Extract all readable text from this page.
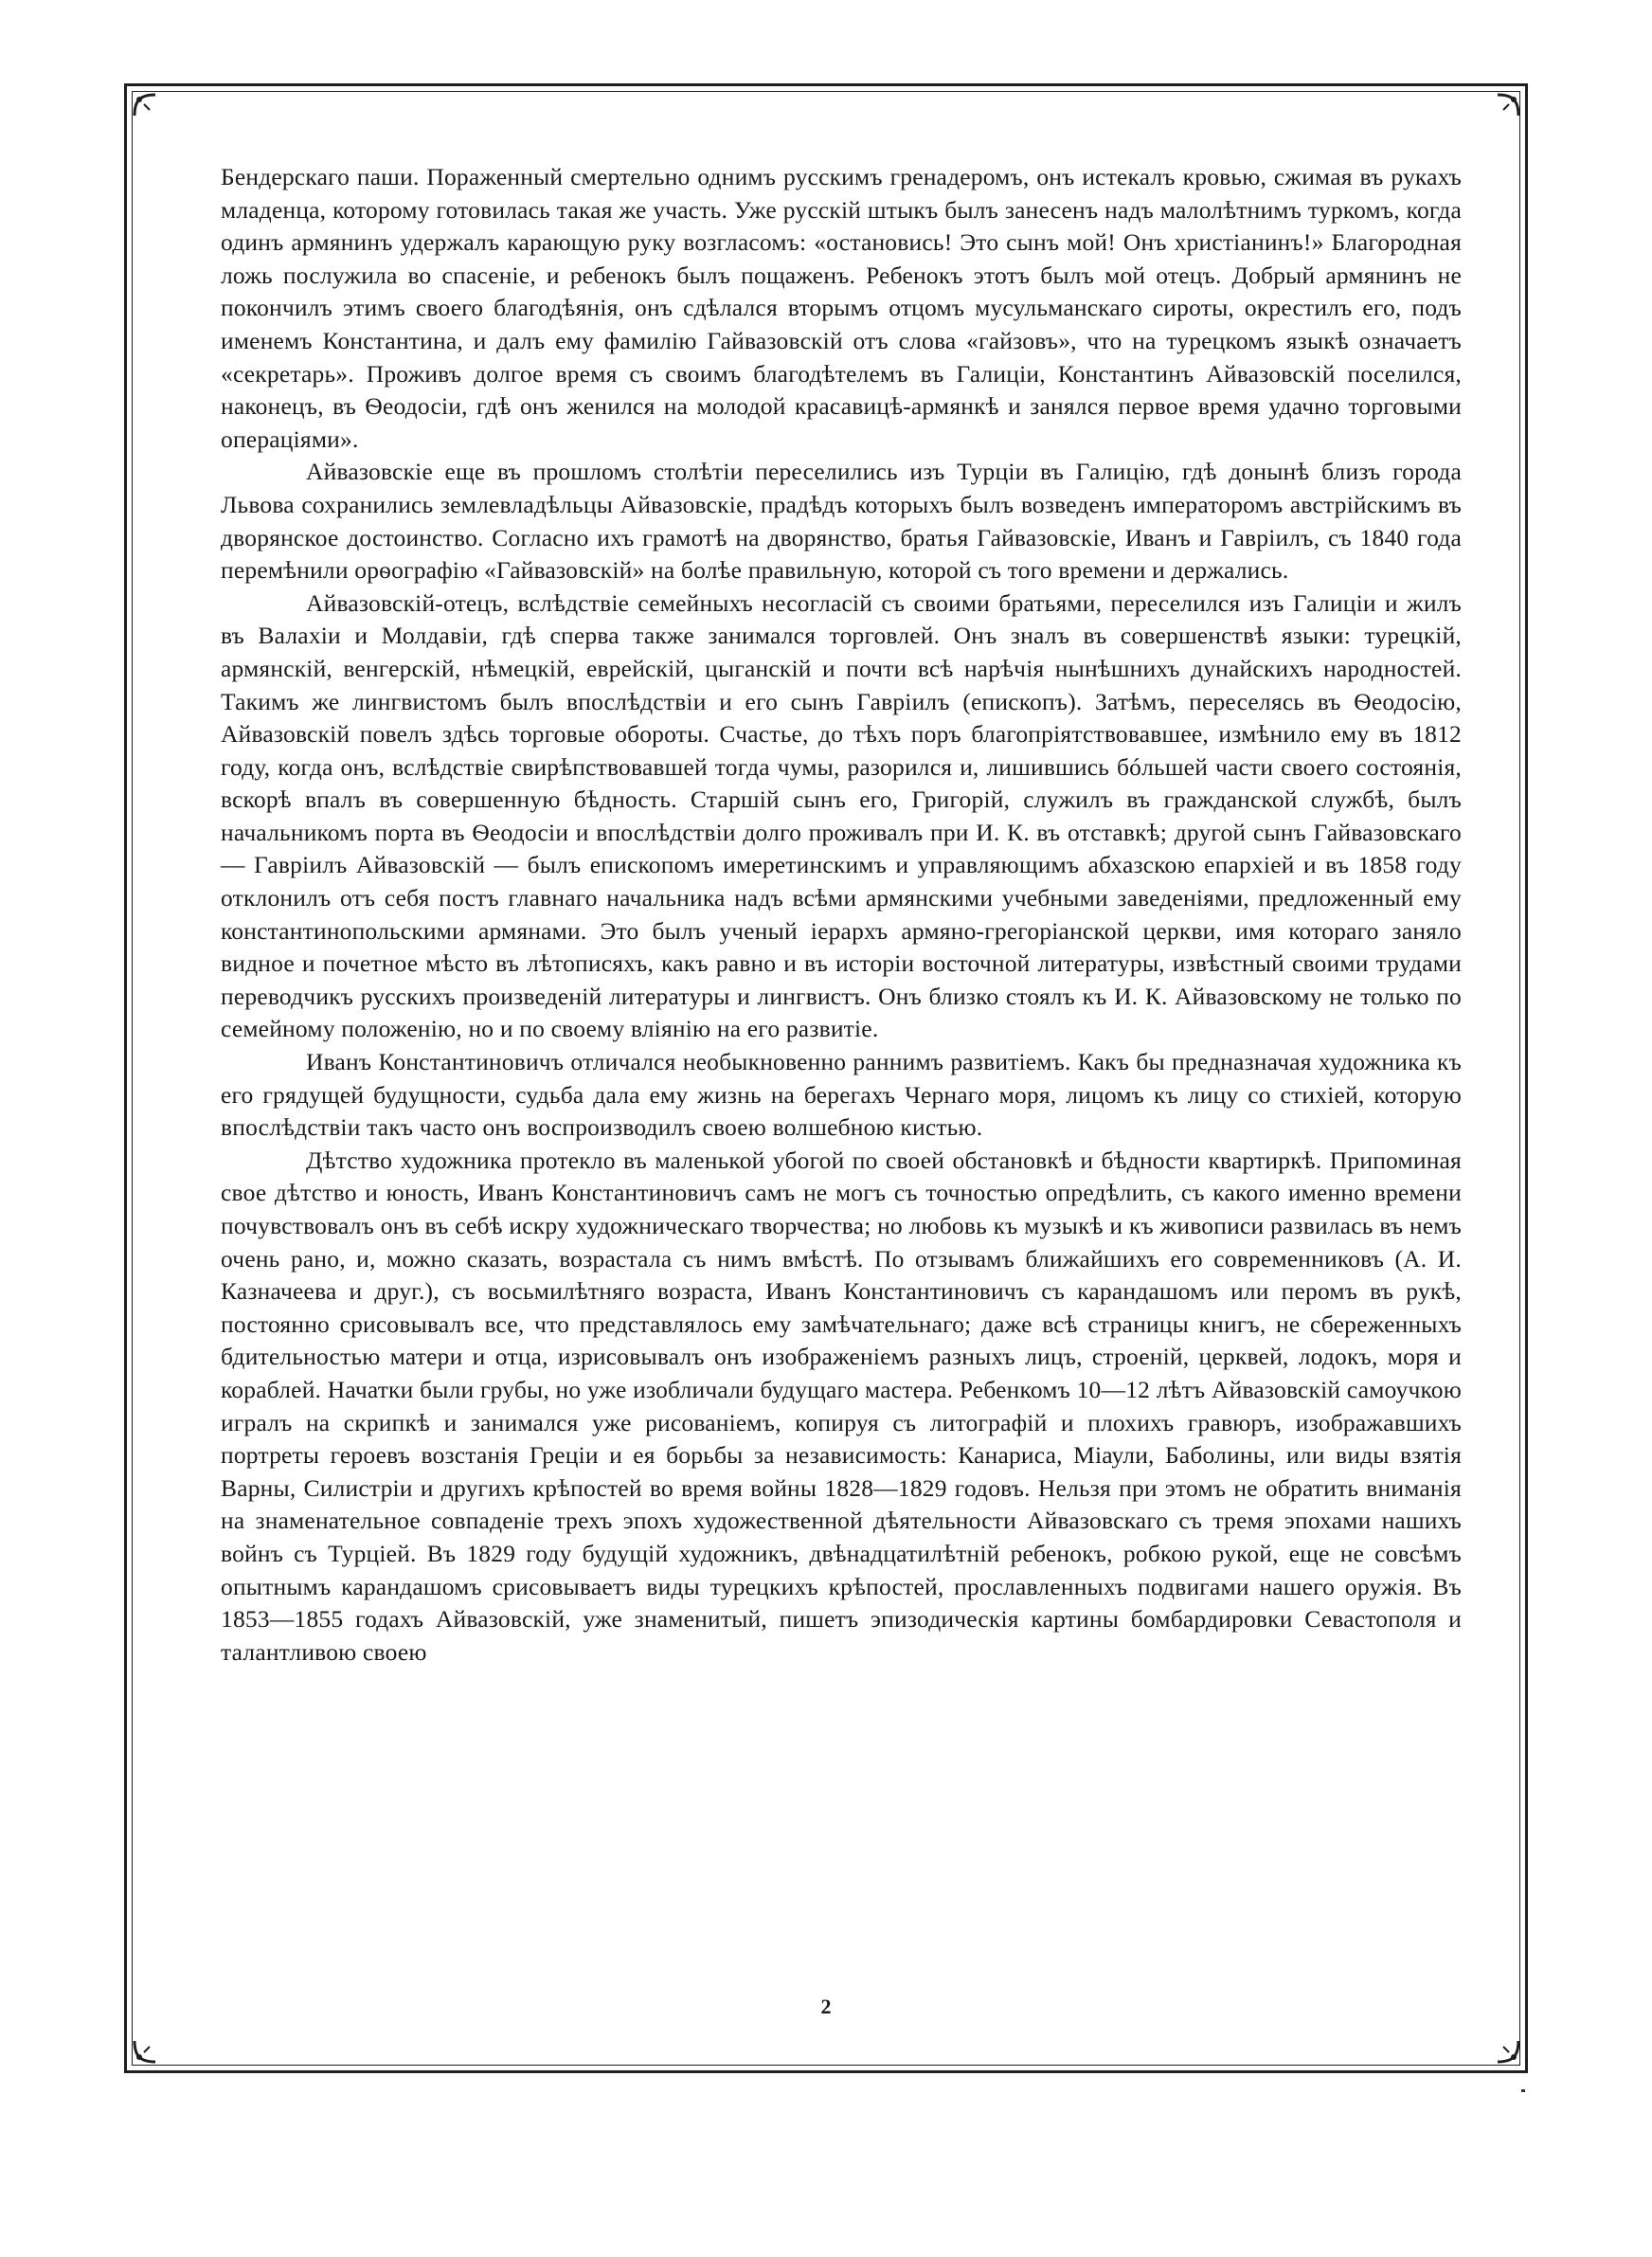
Бендерскаго паши. Пораженный смертельно однимъ русскимъ гренадеромъ, онъ истекалъ кровью, сжимая въ рукахъ младенца, которому готовилась такая же участь. Уже русскій штыкъ былъ занесенъ надъ малолѣтнимъ туркомъ, когда одинъ армянинъ удержалъ карающую руку возгласомъ: «остановись! Это сынъ мой! Онъ христіанинъ!» Благородная ложь послужила во спасеніе, и ребенокъ былъ пощаженъ. Ребенокъ этотъ былъ мой отецъ. Добрый армянинъ не покончилъ этимъ своего благодѣянія, онъ сдѣлался вторымъ отцомъ мусульманскаго сироты, окрестилъ его, подъ именемъ Константина, и далъ ему фамилію Гайвазовскій отъ слова «гайзовъ», что на турецкомъ языкѣ означаетъ «секретарь». Проживъ долгое время съ своимъ благодѣтелемъ въ Галиціи, Константинъ Айвазовскій поселился, наконецъ, въ Ѳеодосіи, гдѣ онъ женился на молодой красавицѣ-армянкѣ и занялся первое время удачно торговыми операціями».

Айвазовскіе еще въ прошломъ столѣтіи переселились изъ Турціи въ Галицію, гдѣ донынѣ близъ города Львова сохранились землевладѣльцы Айвазовскіе, прадѣдъ которыхъ былъ возведенъ императоромъ австрійскимъ въ дворянское достоинство. Согласно ихъ грамотѣ на дворянство, братья Гайвазовскіе, Иванъ и Гавріилъ, съ 1840 года перемѣнили орѳографію «Гайвазовскій» на болѣе правильную, которой съ того времени и держались.

Айвазовскій-отецъ, вслѣдствіе семейныхъ несогласій съ своими братьями, переселился изъ Галиціи и жилъ въ Валахіи и Молдавіи, гдѣ сперва также занимался торговлей. Онъ зналъ въ совершенствѣ языки: турецкій, армянскій, венгерскій, нѣмецкій, еврейскій, цыганскій и почти всѣ нарѣчія нынѣшнихъ дунайскихъ народностей. Такимъ же лингвистомъ былъ впослѣдствіи и его сынъ Гавріилъ (епископъ). Затѣмъ, переселясь въ Ѳеодосію, Айвазовскій повелъ здѣсь торговые обороты. Счастье, до тѣхъ поръ благопріятствовавшее, измѣнило ему въ 1812 году, когда онъ, вслѣдствіе свирѣпствовавшей тогда чумы, разорился и, лишившись бóльшей части своего состоянія, вскорѣ впалъ въ совершенную бѣдность. Старшій сынъ его, Григорій, служилъ въ гражданской службѣ, былъ начальникомъ порта въ Ѳеодосіи и впослѣдствіи долго проживалъ при И. К. въ отставкѣ; другой сынъ Гайвазовскаго — Гавріилъ Айвазовскій — былъ епископомъ имеретинскимъ и управляющимъ абхазскою епархіей и въ 1858 году отклонилъ отъ себя постъ главнаго начальника надъ всѣми армянскими учебными заведеніями, предложенный ему константинопольскими армянами. Это былъ ученый іерархъ армяно-грегоріанской церкви, имя котораго заняло видное и почетное мѣсто въ лѣтописяхъ, какъ равно и въ исторіи восточной литературы, извѣстный своими трудами переводчикъ русскихъ произведеній литературы и лингвистъ. Онъ близко стоялъ къ И. К. Айвазовскому не только по семейному положенію, но и по своему вліянію на его развитіе.

Иванъ Константиновичъ отличался необыкновенно раннимъ развитіемъ. Какъ бы предназначая художника къ его грядущей будущности, судьба дала ему жизнь на берегахъ Чернаго моря, лицомъ къ лицу со стихіей, которую впослѣдствіи такъ часто онъ воспроизводилъ своею волшебною кистью.

Дѣтство художника протекло въ маленькой убогой по своей обстановкѣ и бѣдности квартиркѣ. Припоминая свое дѣтство и юность, Иванъ Константиновичъ самъ не могъ съ точностью опредѣлить, съ какого именно времени почувствовалъ онъ въ себѣ искру художническаго творчества; но любовь къ музыкѣ и къ живописи развилась въ немъ очень рано, и, можно сказать, возрастала съ нимъ вмѣстѣ. По отзывамъ ближайшихъ его современниковъ (А. И. Казначеева и друг.), съ восьмилѣтняго возраста, Иванъ Константиновичъ съ карандашомъ или перомъ въ рукѣ, постоянно срисовывалъ все, что представлялось ему замѣчательнаго; даже всѣ страницы книгъ, не сбереженныхъ бдительностью матери и отца, изрисовывалъ онъ изображеніемъ разныхъ лицъ, строеній, церквей, лодокъ, моря и кораблей. Начатки были грубы, но уже изобличали будущаго мастера. Ребенкомъ 10—12 лѣтъ Айвазовскій самоучкою игралъ на скрипкѣ и занимался уже рисованіемъ, копируя съ литографій и плохихъ гравюръ, изображавшихъ портреты героевъ возстанія Греціи и ея борьбы за независимость: Канариса, Міаули, Баболины, или виды взятія Варны, Силистріи и другихъ крѣпостей во время войны 1828—1829 годовъ. Нельзя при этомъ не обратить вниманія на знаменательное совпаденіе трехъ эпохъ художественной дѣятельности Айвазовскаго съ тремя эпохами нашихъ войнъ съ Турціей. Въ 1829 году будущій художникъ, двѣнадцатилѣтній ребенокъ, робкою рукой, еще не совсѣмъ опытнымъ карандашомъ срисовываетъ виды турецкихъ крѣпостей, прославленныхъ подвигами нашего оружія. Въ 1853—1855 годахъ Айвазовскій, уже знаменитый, пишетъ эпизодическія картины бомбардировки Севастополя и талантливою своею

2
